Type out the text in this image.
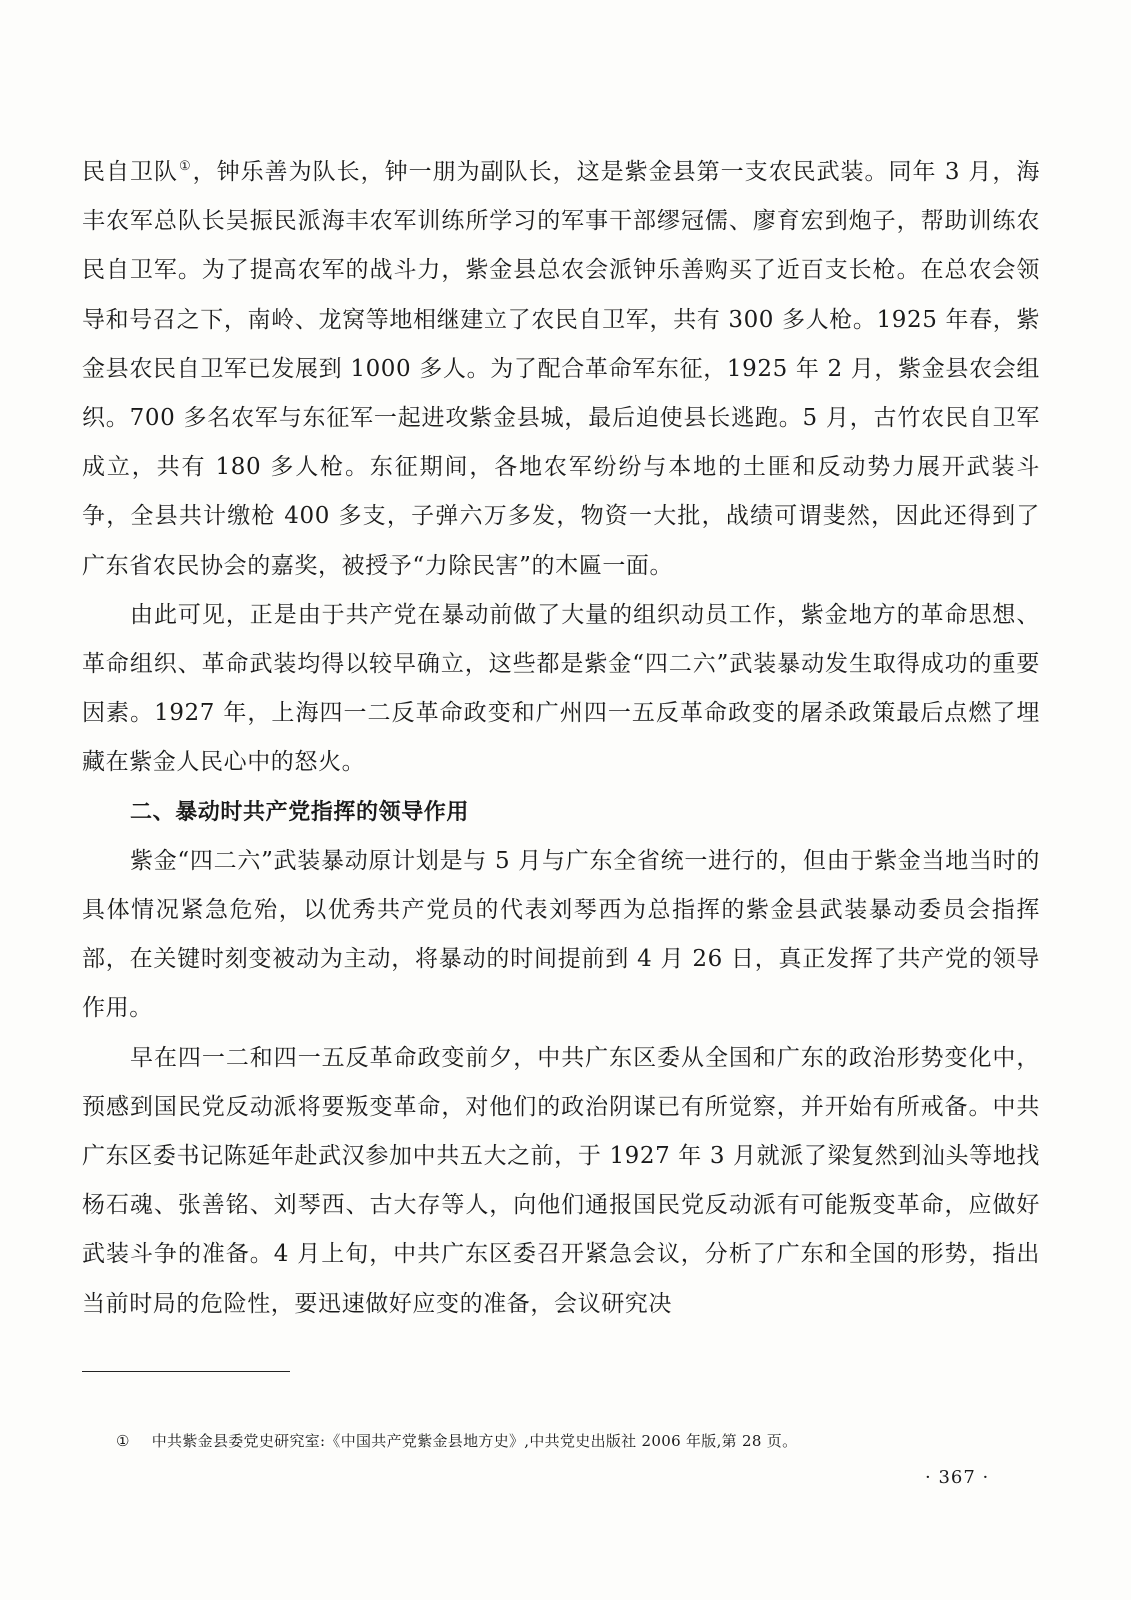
民自卫队①，钟乐善为队长，钟一朋为副队长，这是紫金县第一支农民武装。同年 3 月，海丰农军总队长吴振民派海丰农军训练所学习的军事干部缪冠儒、廖育宏到炮子，帮助训练农民自卫军。为了提高农军的战斗力，紫金县总农会派钟乐善购买了近百支长枪。在总农会领导和号召之下，南岭、龙窝等地相继建立了农民自卫军，共有 300 多人枪。1925 年春，紫金县农民自卫军已发展到 1000 多人。为了配合革命军东征，1925 年 2 月，紫金县农会组织。700 多名农军与东征军一起进攻紫金县城，最后迫使县长逃跑。5 月，古竹农民自卫军成立，共有 180 多人枪。东征期间，各地农军纷纷与本地的土匪和反动势力展开武装斗争，全县共计缴枪 400 多支，子弹六万多发，物资一大批，战绩可谓斐然，因此还得到了广东省农民协会的嘉奖，被授予“力除民害”的木匾一面。

由此可见，正是由于共产党在暴动前做了大量的组织动员工作，紫金地方的革命思想、革命组织、革命武装均得以较早确立，这些都是紫金“四二六”武装暴动发生取得成功的重要因素。1927 年，上海四一二反革命政变和广州四一五反革命政变的屠杀政策最后点燃了埋藏在紫金人民心中的怒火。

二、暴动时共产党指挥的领导作用

紫金“四二六”武装暴动原计划是与 5 月与广东全省统一进行的，但由于紫金当地当时的具体情况紧急危殆，以优秀共产党员的代表刘琴西为总指挥的紫金县武装暴动委员会指挥部，在关键时刻变被动为主动，将暴动的时间提前到 4 月 26 日，真正发挥了共产党的领导作用。

早在四一二和四一五反革命政变前夕，中共广东区委从全国和广东的政治形势变化中，预感到国民党反动派将要叛变革命，对他们的政治阴谋已有所觉察，并开始有所戒备。中共广东区委书记陈延年赴武汉参加中共五大之前，于 1927 年 3 月就派了梁复然到汕头等地找杨石魂、张善铭、刘琴西、古大存等人，向他们通报国民党反动派有可能叛变革命，应做好武装斗争的准备。4 月上旬，中共广东区委召开紧急会议，分析了广东和全国的形势，指出当前时局的危险性，要迅速做好应变的准备，会议研究决

① 中共紫金县委党史研究室:《中国共产党紫金县地方史》,中共党史出版社 2006 年版,第 28 页。
· 367 ·
